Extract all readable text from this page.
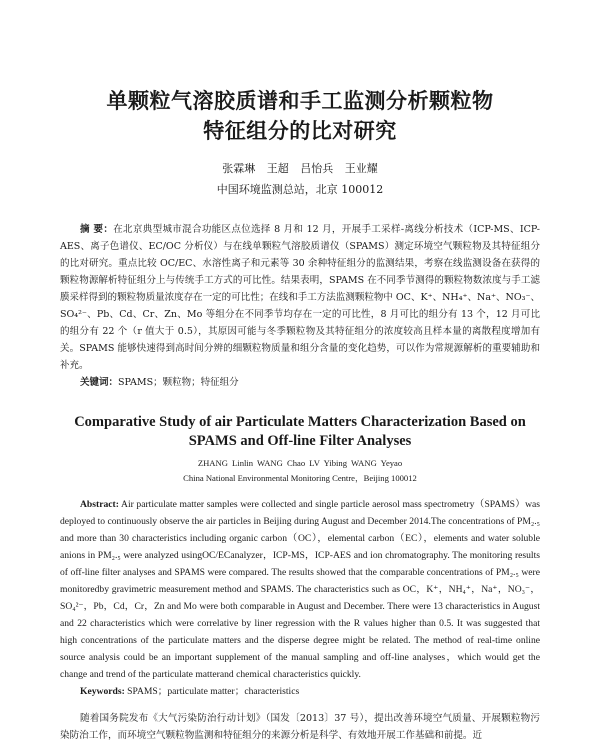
单颗粒气溶胶质谱和手工监测分析颗粒物
特征组分的比对研究
张霖琳 王超 吕怡兵 王业耀
中国环境监测总站，北京 100012
摘 要：在北京典型城市混合功能区点位选择 8 月和 12 月，开展手工采样-离线分析技术（ICP-MS、ICP-AES、离子色谱仪、EC/OC 分析仪）与在线单颗粒气溶胶质谱仪（SPAMS）测定环境空气颗粒物及其特征组分的比对研究。重点比较 OC/EC、水溶性离子和元素等 30 余种特征组分的监测结果，考察在线监测设备在获得的颗粒物源解析特征组分上与传统手工方式的可比性。结果表明，SPAMS 在不同季节测得的颗粒物数浓度与手工滤膜采样得到的颗粒物质量浓度存在一定的可比性；在线和手工方法监测颗粒物中 OC、K⁺、NH₄⁺、Na⁺、NO₃⁻、SO₄²⁻、Pb、Cd、Cr、Zn、Mo 等组分在不同季节均存在一定的可比性，8 月可比的组分有 13 个，12 月可比的组分有 22 个（r 值大于 0.5），其原因可能与冬季颗粒物及其特征组分的浓度较高且样本量的离散程度增加有关。SPAMS 能够快速得到高时间分辨的细颗粒物质量和组分含量的变化趋势，可以作为常规源解析的重要辅助和补充。
关键词：SPAMS；颗粒物；特征组分
Comparative Study of air Particulate Matters Characterization Based on
SPAMS and Off-line Filter Analyses
ZHANG Linlin WANG Chao LV Yibing WANG Yeyao
China National Environmental Monitoring Centre，Beijing 100012
Abstract: Air particulate matter samples were collected and single particle aerosol mass spectrometry（SPAMS）was deployed to continuously observe the air particles in Beijing during August and December 2014.The concentrations of PM₂.₅ and more than 30 characteristics including organic carbon（OC），elemental carbon（EC），elements and water soluble anions in PM₂.₅ were analyzed usingOC/ECanalyzer，ICP-MS，ICP-AES and ion chromatography. The monitoring results of off-line filter analyses and SPAMS were compared. The results showed that the comparable concentrations of PM₂.₅ were monitoredby gravimetric measurement method and SPAMS. The characteristics such as OC，K⁺，NH₄⁺，Na⁺，NO₃⁻，SO₄²⁻，Pb，Cd，Cr，Zn and Mo were both comparable in August and December. There were 13 characteristics in August and 22 characteristics which were correlative by liner regression with the R values higher than 0.5. It was suggested that high concentrations of the particulate matters and the disperse degree might be related. The method of real-time online source analysis could be an important supplement of the manual sampling and off-line analyses，which would get the change and trend of the particulate matterand chemical characteristics quickly.
Keywords: SPAMS；particulate matter；characteristics
随着国务院发布《大气污染防治行动计划》（国发〔2013〕37 号），提出改善环境空气质量、开展颗粒物污染防治工作，而环境空气颗粒物监测和特征组分的来源分析是科学、有效地开展工作基础和前提。近
